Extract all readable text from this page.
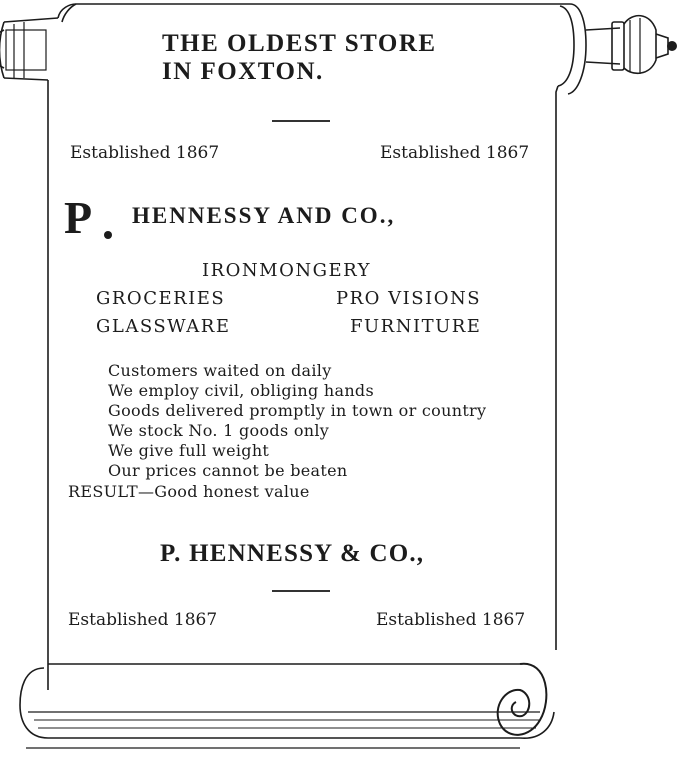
THE OLDEST STORE
IN FOXTON.
Established 1867	Established 1867
P HENNESSY AND CO.,
IRONMONGERY
GROCERIES	PRO VISIONS
GLASSWARE	FURNITURE
Customers waited on daily
We employ civil, obliging hands
Goods delivered promptly in town or country
We stock No. 1 goods only
We give full weight
Our prices cannot be beaten
RESULT—Good honest value
P. HENNESSY & CO.,
Established 1867	Established 1867
